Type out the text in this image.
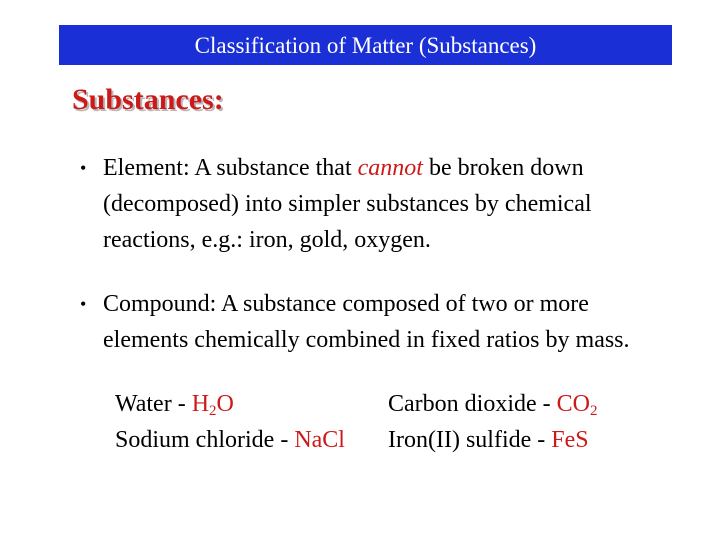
Classification of Matter (Substances)
Substances:
• Element: A substance that cannot be broken down (decomposed) into simpler substances by chemical reactions, e.g.: iron, gold, oxygen.
• Compound: A substance composed of two or more elements chemically combined in fixed ratios by mass.
Water - $H_2O$	Carbon dioxide - $CO_2$
Sodium chloride - NaCl Iron(II) sulfide - FeS
